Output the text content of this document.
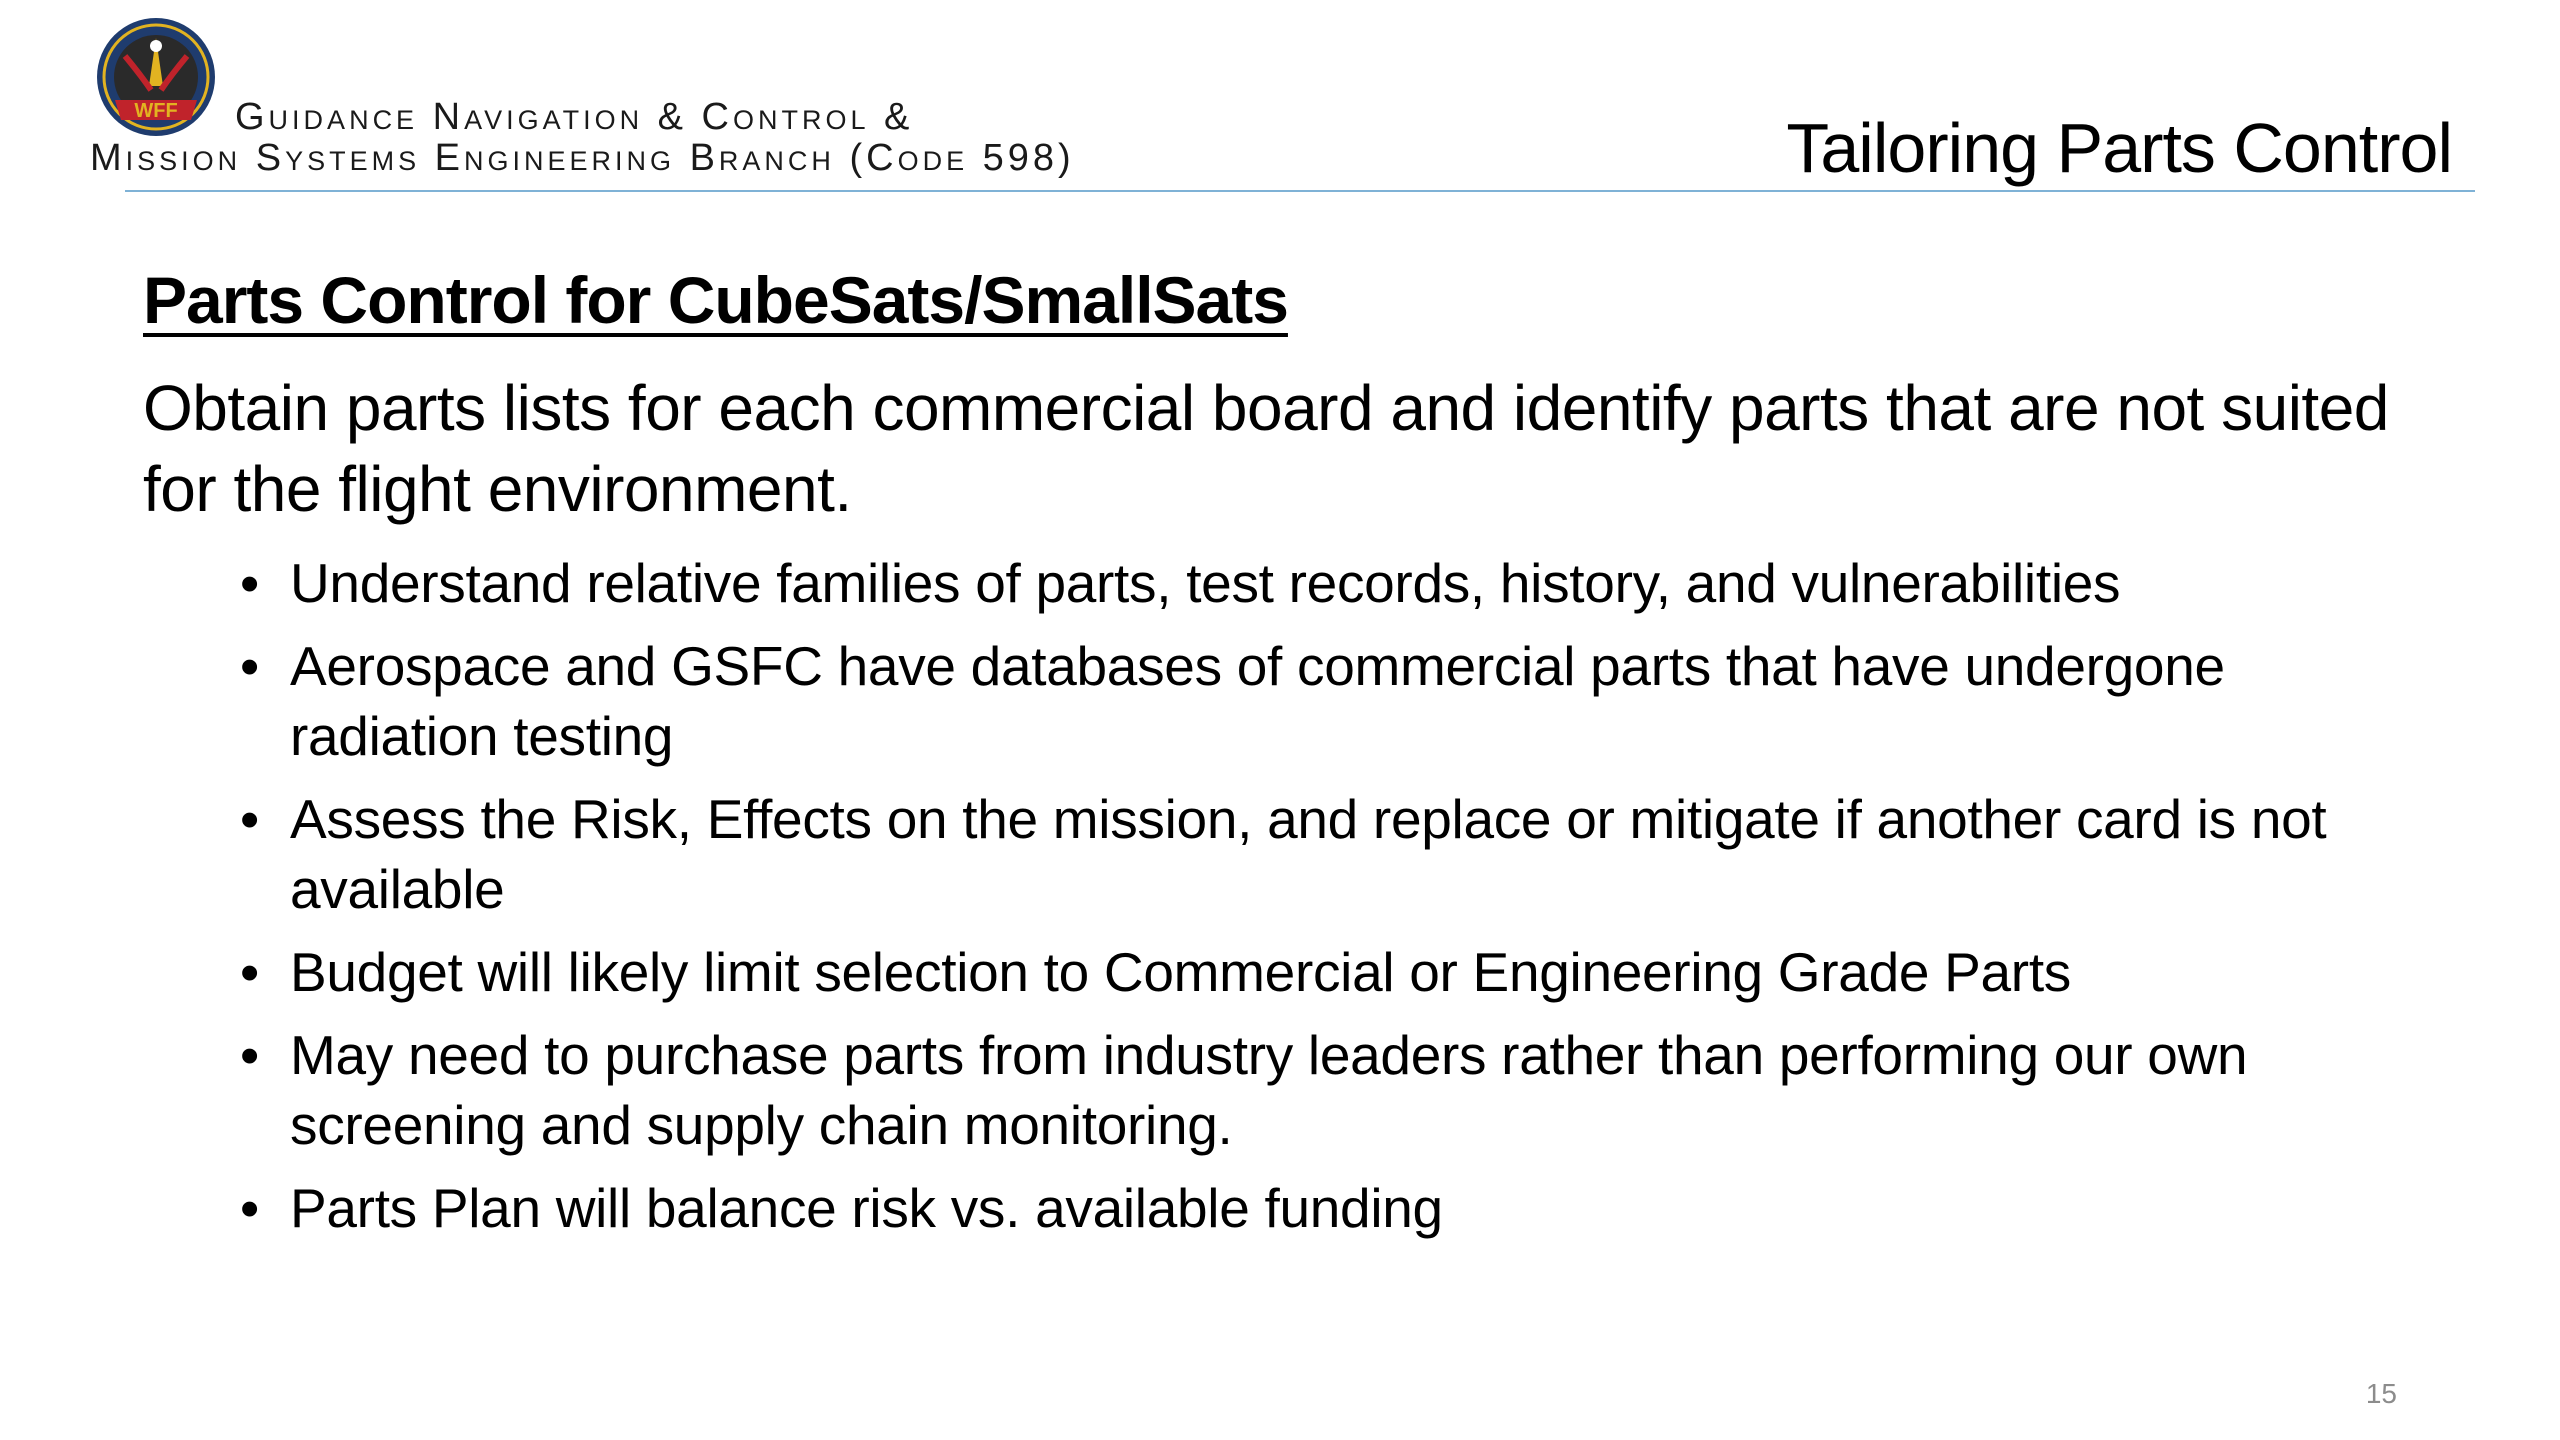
WFF Guidance Navigation & Control &
Mission Systems Engineering Branch (Code 598)	Tailoring Parts Control
Parts Control for CubeSats/SmallSats
Obtain parts lists for each commercial board and identify parts that are not suited for the flight environment.
• Understand relative families of parts, test records, history, and vulnerabilities
• Aerospace and GSFC have databases of commercial parts that have undergone radiation testing
• Assess the Risk, Effects on the mission, and replace or mitigate if another card is not available
• Budget will likely limit selection to Commercial or Engineering Grade Parts
• May need to purchase parts from industry leaders rather than performing our own screening and supply chain monitoring.
• Parts Plan will balance risk vs. available funding
15
